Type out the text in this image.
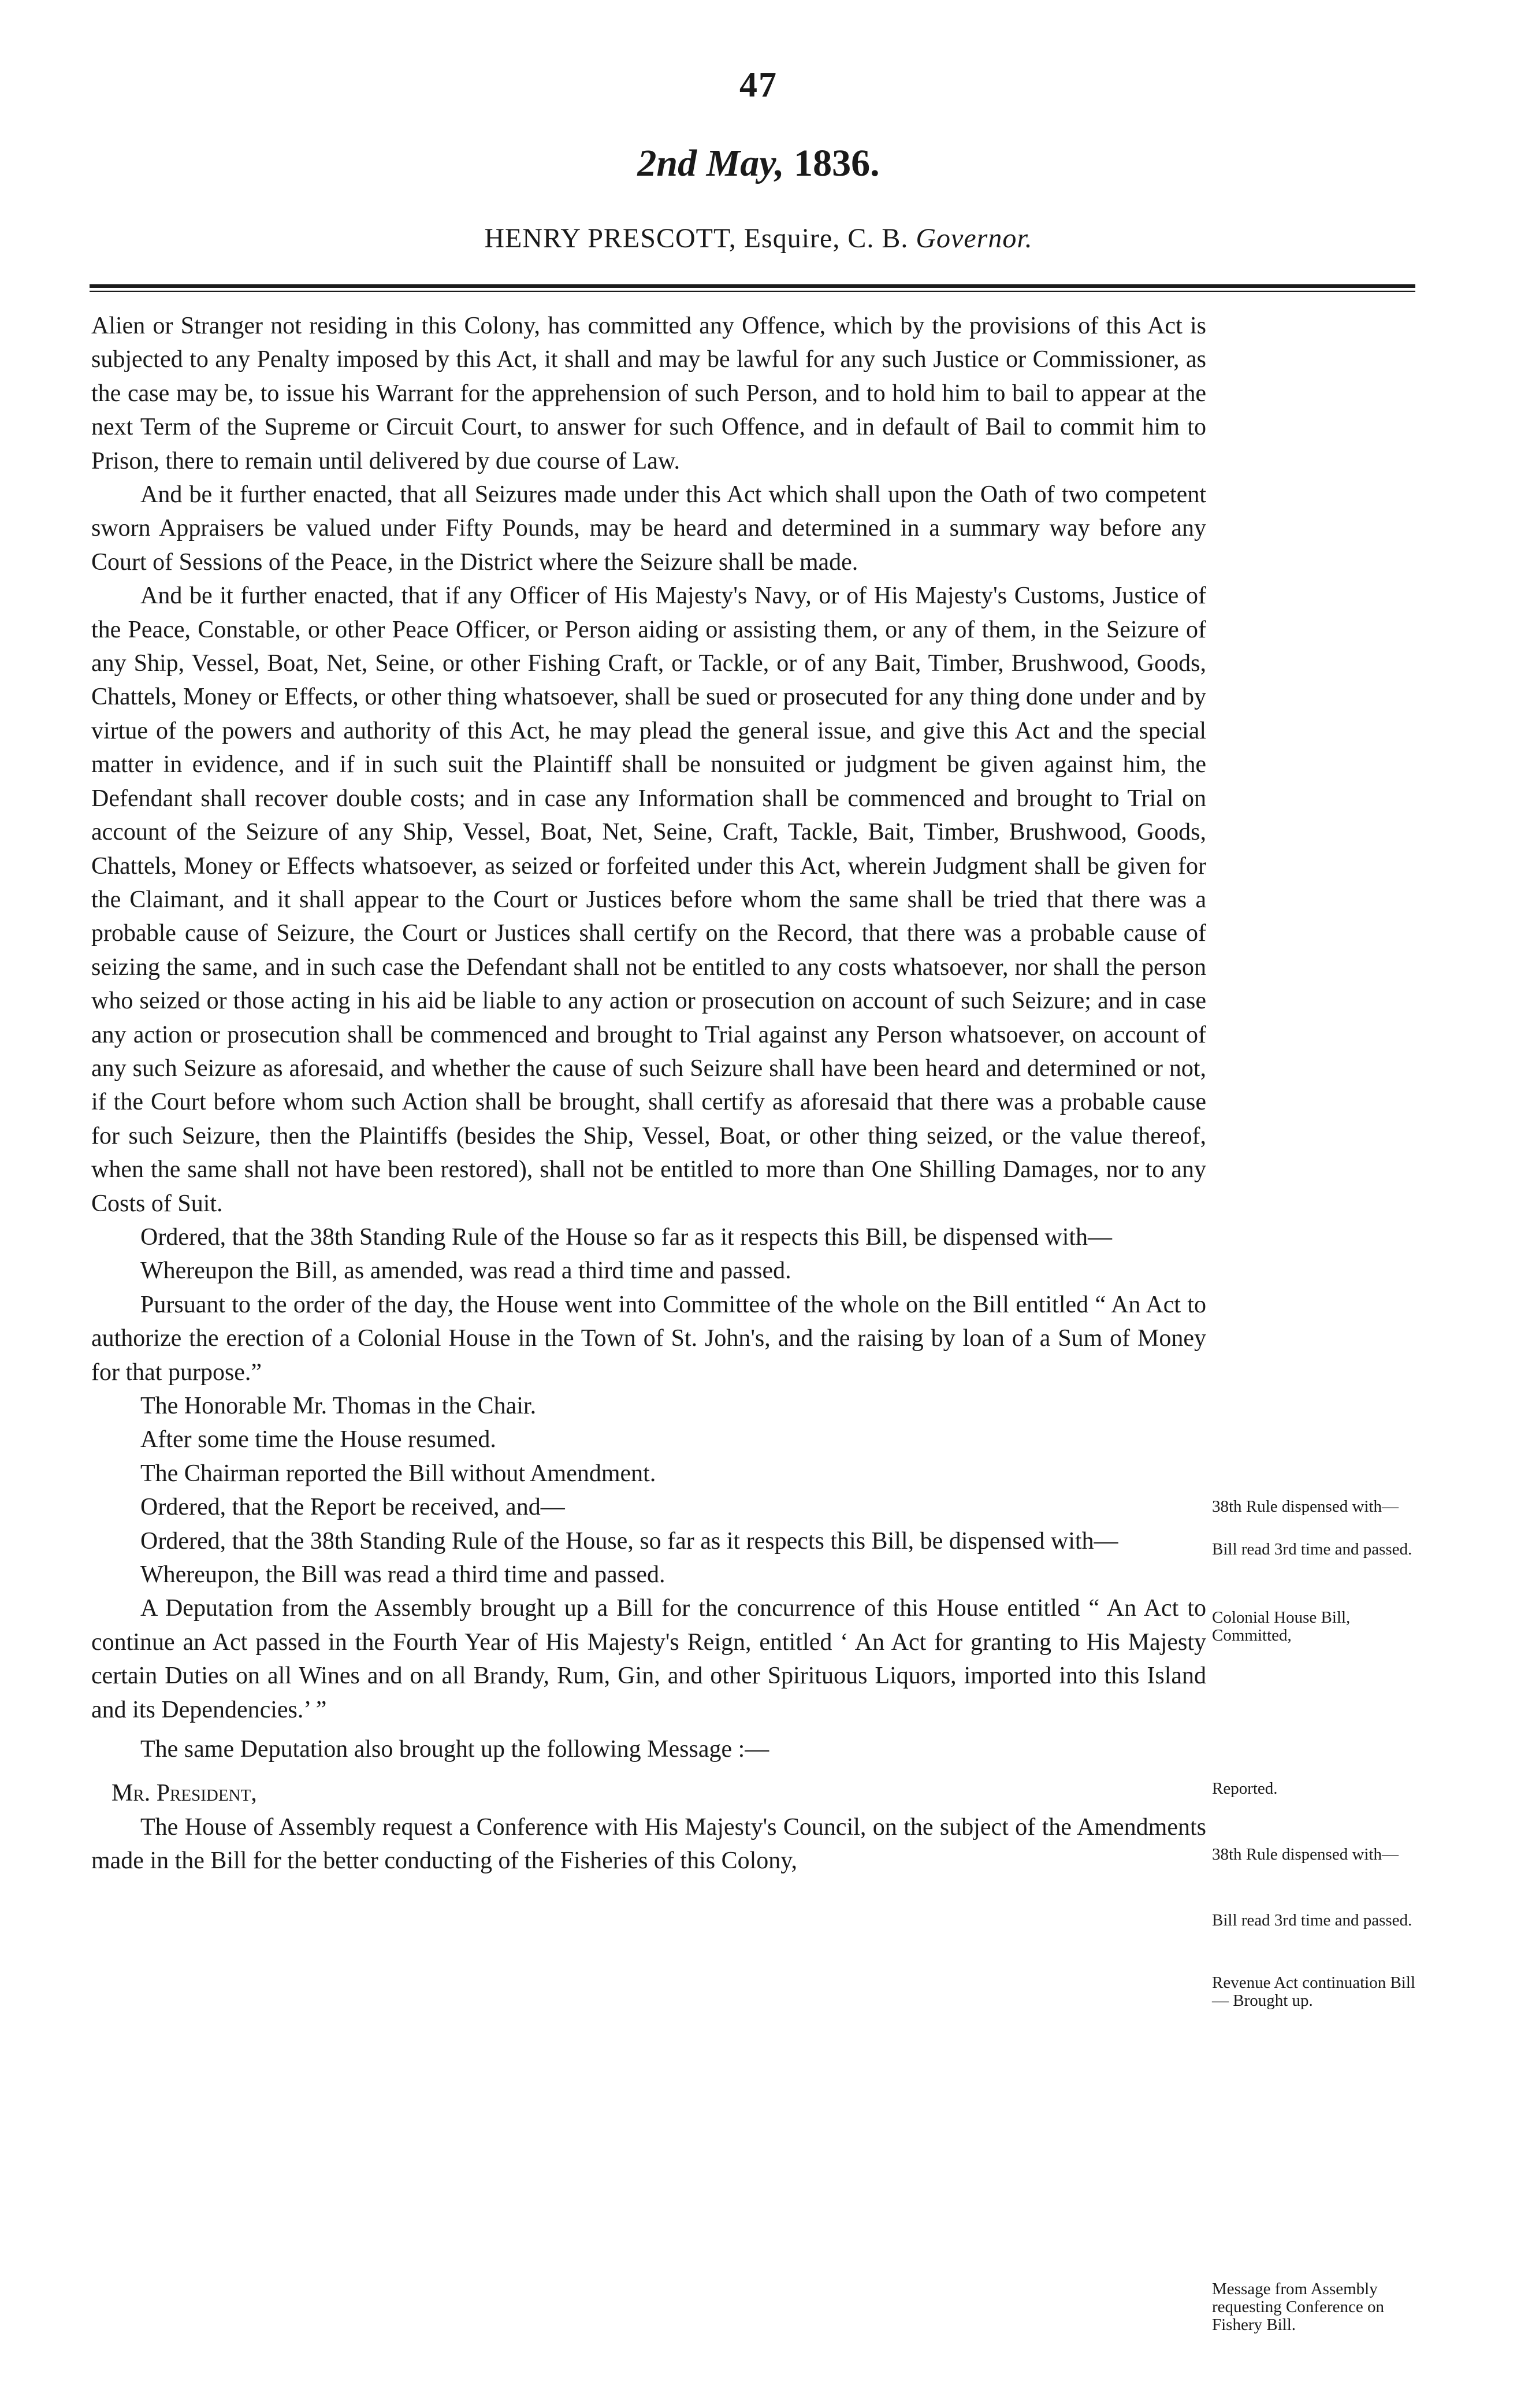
47
2nd May, 1836.
HENRY PRESCOTT, Esquire, C. B. Governor.

Alien or Stranger not residing in this Colony, has committed any Offence, which by the provisions of this Act is subjected to any Penalty imposed by this Act, it shall and may be lawful for any such Justice or Commissioner, as the case may be, to issue his Warrant for the apprehension of such Person, and to hold him to bail to appear at the next Term of the Supreme or Circuit Court, to answer for such Offence, and in default of Bail to commit him to Prison, there to remain until delivered by due course of Law.

And be it further enacted, that all Seizures made under this Act which shall upon the Oath of two competent sworn Appraisers be valued under Fifty Pounds, may be heard and determined in a summary way before any Court of Sessions of the Peace, in the District where the Seizure shall be made.

And be it further enacted, that if any Officer of His Majesty's Navy, or of His Majesty's Customs, Justice of the Peace, Constable, or other Peace Officer, or Person aiding or assisting them, or any of them, in the Seizure of any Ship, Vessel, Boat, Net, Seine, or other Fishing Craft, or Tackle, or of any Bait, Timber, Brushwood, Goods, Chattels, Money or Effects, or other thing whatsoever, shall be sued or prosecuted for any thing done under and by virtue of the powers and authority of this Act, he may plead the general issue, and give this Act and the special matter in evidence, and if in such suit the Plaintiff shall be nonsuited or judgment be given against him, the Defendant shall recover double costs; and in case any Information shall be commenced and brought to Trial on account of the Seizure of any Ship, Vessel, Boat, Net, Seine, Craft, Tackle, Bait, Timber, Brushwood, Goods, Chattels, Money or Effects whatsoever, as seized or forfeited under this Act, wherein Judgment shall be given for the Claimant, and it shall appear to the Court or Justices before whom the same shall be tried that there was a probable cause of Seizure, the Court or Justices shall certify on the Record, that there was a probable cause of seizing the same, and in such case the Defendant shall not be entitled to any costs whatsoever, nor shall the person who seized or those acting in his aid be liable to any action or prosecution on account of such Seizure; and in case any action or prosecution shall be commenced and brought to Trial against any Person whatsoever, on account of any such Seizure as aforesaid, and whether the cause of such Seizure shall have been heard and determined or not, if the Court before whom such Action shall be brought, shall certify as aforesaid that there was a probable cause for such Seizure, then the Plaintiffs (besides the Ship, Vessel, Boat, or other thing seized, or the value thereof, when the same shall not have been restored), shall not be entitled to more than One Shilling Damages, nor to any Costs of Suit.

Ordered, that the 38th Standing Rule of the House so far as it respects this Bill, be dispensed with—

Whereupon the Bill, as amended, was read a third time and passed.

Pursuant to the order of the day, the House went into Committee of the whole on the Bill entitled “ An Act to authorize the erection of a Colonial House in the Town of St. John's, and the raising by loan of a Sum of Money for that purpose.”

The Honorable Mr. Thomas in the Chair.

After some time the House resumed.

The Chairman reported the Bill without Amendment.

Ordered, that the Report be received, and—

Ordered, that the 38th Standing Rule of the House, so far as it respects this Bill, be dispensed with—

Whereupon, the Bill was read a third time and passed.

A Deputation from the Assembly brought up a Bill for the concurrence of this House entitled “ An Act to continue an Act passed in the Fourth Year of His Majesty's Reign, entitled ‘ An Act for granting to His Majesty certain Duties on all Wines and on all Brandy, Rum, Gin, and other Spirituous Liquors, imported into this Island and its Dependencies.’ ”

The same Deputation also brought up the following Message :—

Mr. President,

The House of Assembly request a Conference with His Majesty's Council, on the subject of the Amendments made in the Bill for the better conducting of the Fisheries of this Colony,

38th Rule dispensed with—
Bill read 3rd time and passed.
Colonial House Bill, Committed,
Reported.
38th Rule dispensed with—
Bill read 3rd time and passed.
Revenue Act continuation Bill— Brought up.
Message from Assembly requesting Conference on Fishery Bill.
